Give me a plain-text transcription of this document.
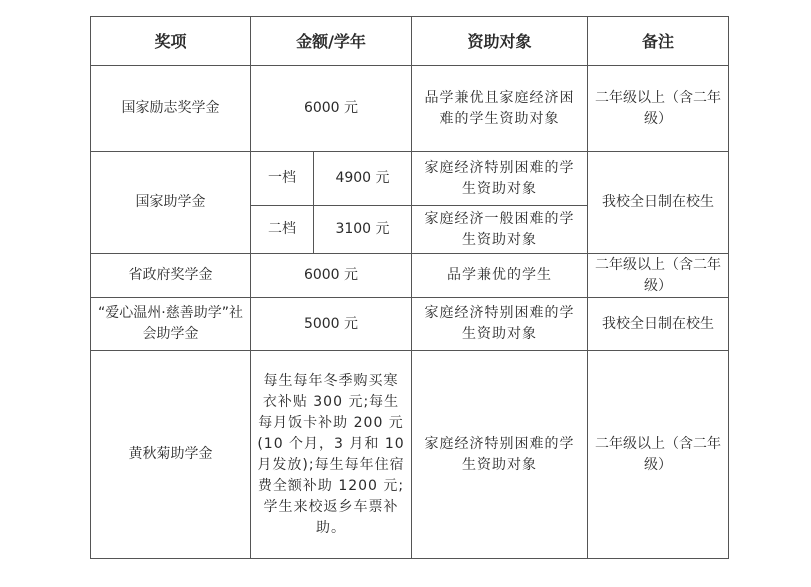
奖项	金额/学年		资助对象	备注
国家励志奖学金	6000 元		品学兼优且家庭经济困难的学生资助对象	二年级以上（含二年级）
国家助学金	一档	4900 元	家庭经济特别困难的学生资助对象	我校全日制在校生
	二档	3100 元	家庭经济一般困难的学生资助对象	
省政府奖学金	6000 元		品学兼优的学生	二年级以上（含二年级）
“爱心温州·慈善助学”社会助学金	5000 元		家庭经济特别困难的学生资助对象	我校全日制在校生
黄秋菊助学金	每生每年冬季购买寒衣补贴 300 元;每生每月饭卡补助 200 元(10 个月，3 月和 10 月发放);每生每年住宿费全额补助 1200 元;学生来校返乡车票补助。		家庭经济特别困难的学生资助对象	二年级以上（含二年级）
